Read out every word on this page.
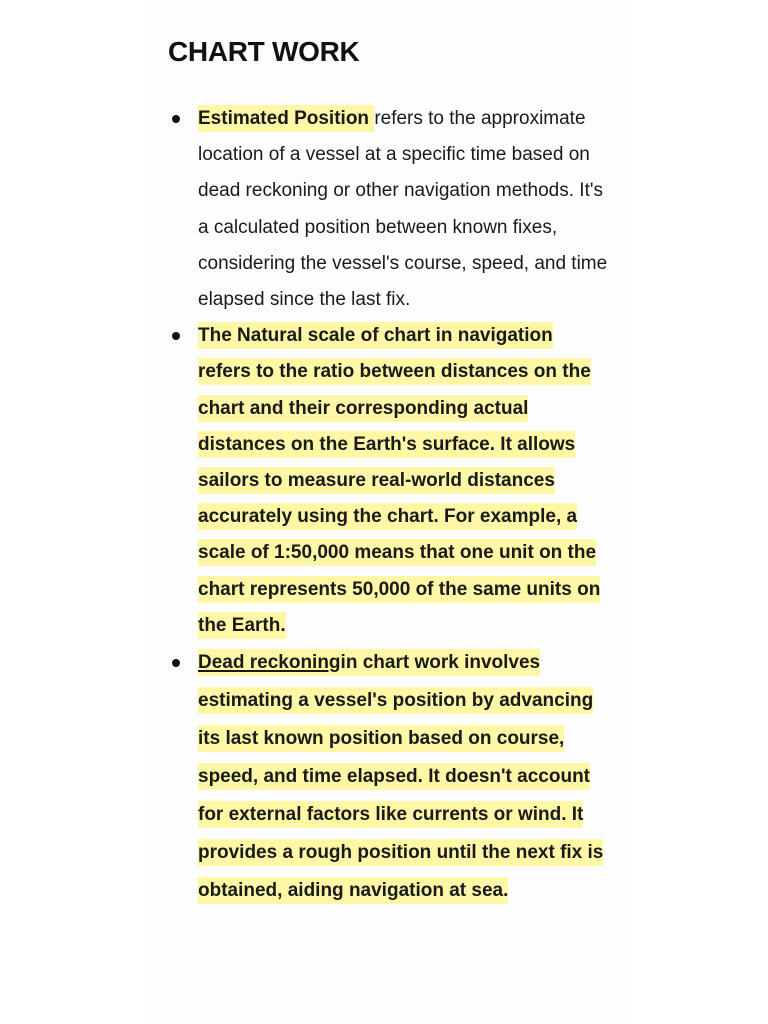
CHART WORK
Estimated Position refers to the approximate location of a vessel at a specific time based on dead reckoning or other navigation methods. It's a calculated position between known fixes, considering the vessel's course, speed, and time elapsed since the last fix.
The Natural scale of chart in navigation refers to the ratio between distances on the chart and their corresponding actual distances on the Earth's surface. It allows sailors to measure real-world distances accurately using the chart. For example, a scale of 1:50,000 means that one unit on the chart represents 50,000 of the same units on the Earth.
Dead reckoningin chart work involves estimating a vessel's position by advancing its last known position based on course, speed, and time elapsed. It doesn't account for external factors like currents or wind. It provides a rough position until the next fix is obtained, aiding navigation at sea.
